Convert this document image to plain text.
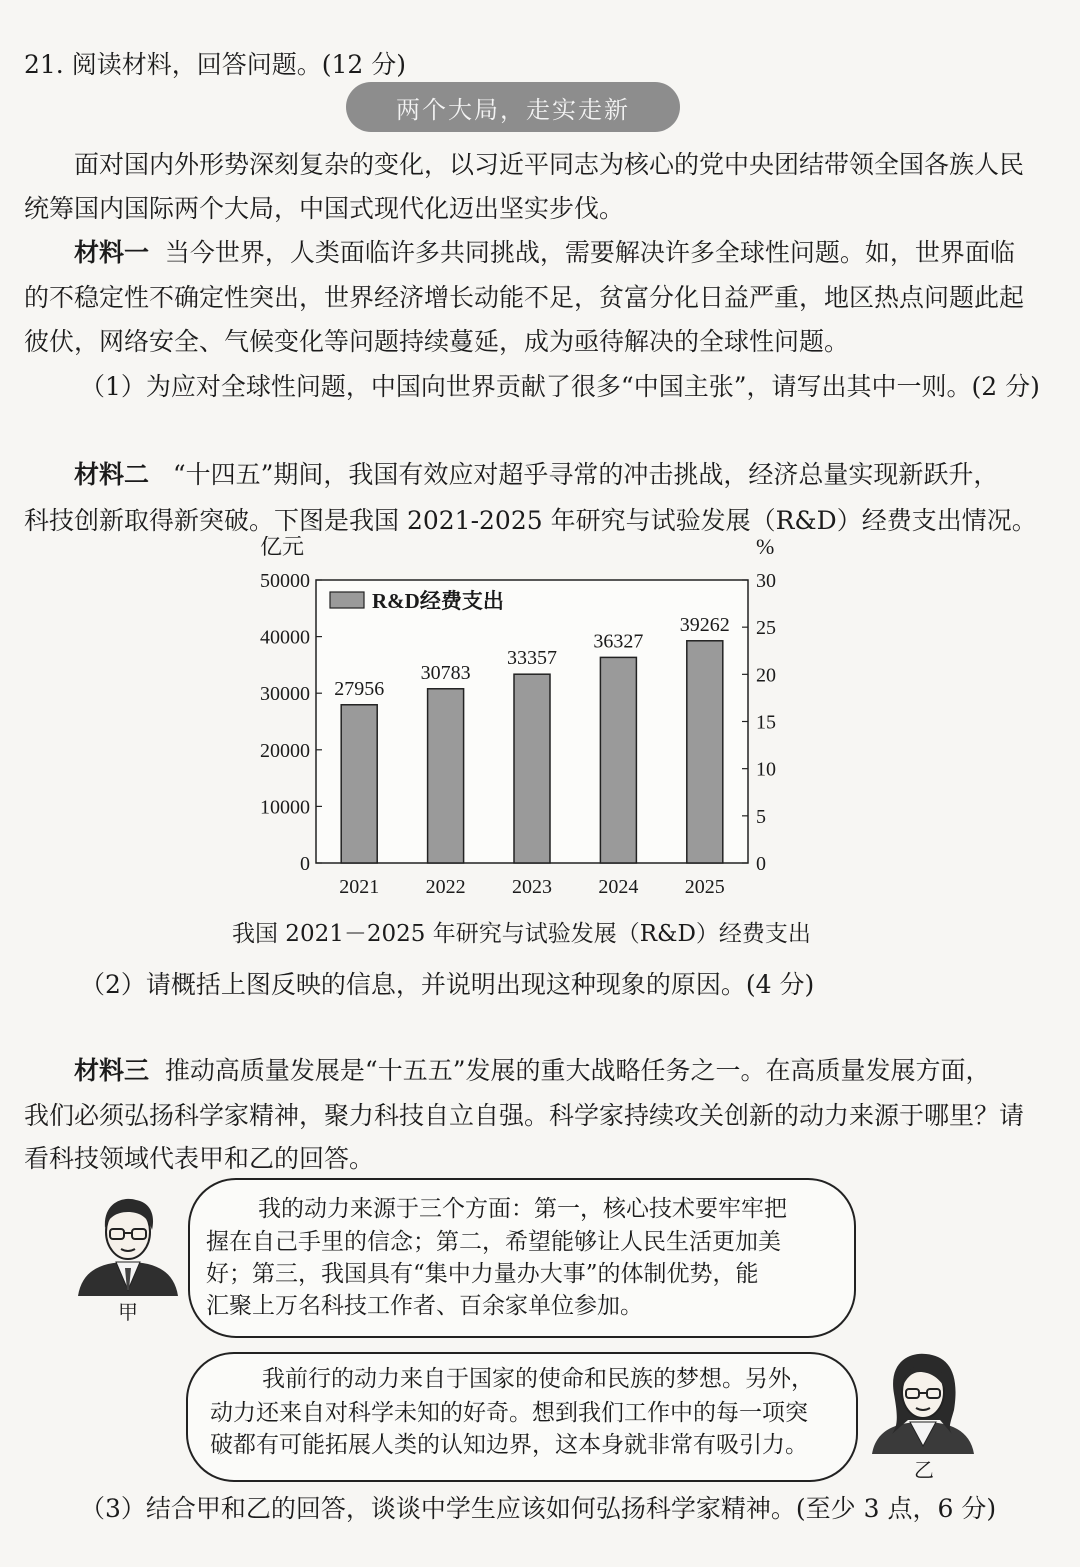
21. 阅读材料，回答问题。(12 分)
两个大局，走实走新
面对国内外形势深刻复杂的变化，以习近平同志为核心的党中央团结带领全国各族人民
统筹国内国际两个大局，中国式现代化迈出坚实步伐。
材料一 当今世界，人类面临许多共同挑战，需要解决许多全球性问题。如，世界面临
的不稳定性不确定性突出，世界经济增长动能不足，贫富分化日益严重，地区热点问题此起
彼伏，网络安全、气候变化等问题持续蔓延，成为亟待解决的全球性问题。
（1）为应对全球性问题，中国向世界贡献了很多“中国主张”，请写出其中一则。(2 分)
材料二 “十四五”期间，我国有效应对超乎寻常的冲击挑战，经济总量实现新跃升，
科技创新取得新突破。下图是我国 2021-2025 年研究与试验发展（R&D）经费支出情况。
0
10000
20000
30000
40000
50000
0
5
10
15
20
25
30
亿元	%
27956
2021
30783
2022
33357
2023
36327
2024
39262
2025
R&D经费支出
我国 2021－2025 年研究与试验发展（R&D）经费支出
（2）请概括上图反映的信息，并说明出现这种现象的原因。(4 分)
材料三 推动高质量发展是“十五五”发展的重大战略任务之一。在高质量发展方面，
我们必须弘扬科学家精神，聚力科技自立自强。科学家持续攻关创新的动力来源于哪里？请
看科技领域代表甲和乙的回答。
甲
我的动力来源于三个方面：第一，核心技术要牢牢把
握在自己手里的信念；第二，希望能够让人民生活更加美
好；第三，我国具有“集中力量办大事”的体制优势，能
汇聚上万名科技工作者、百余家单位参加。
我前行的动力来自于国家的使命和民族的梦想。另外，
动力还来自对科学未知的好奇。想到我们工作中的每一项突
破都有可能拓展人类的认知边界，这本身就非常有吸引力。
乙
（3）结合甲和乙的回答，谈谈中学生应该如何弘扬科学家精神。(至少 3 点，6 分)
